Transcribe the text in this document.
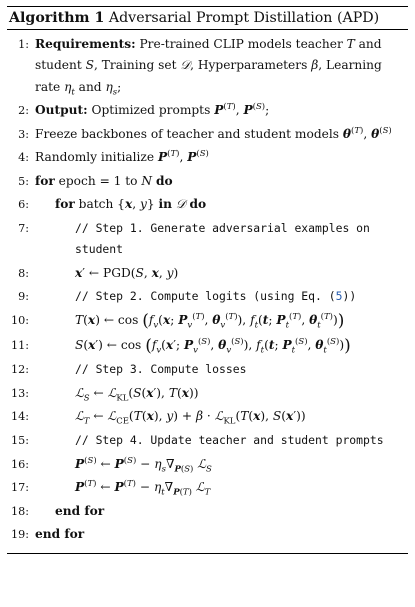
Algorithm 1 Adversarial Prompt Distillation (APD)
1: Requirements: Pre-trained CLIP models teacher T and student S, Training set 𝒟, Hyperparameters β, Learning rate $\eta_t$ and $\eta_s$;
2: Output: Optimized prompts $P^{(T)}$, $P^{(S)}$;
3: Freeze backbones of teacher and student models $\theta^{(T)}$, $\theta^{(S)}$
4: Randomly initialize $P^{(T)}$, $P^{(S)}$
5: for epoch = 1 to N do
6:	for batch {x, y} in 𝒟 do
7:	// Step 1. Generate adversarial examples on student
8:	x′ ← PGD(S, x, y)
9:	// Step 2. Compute logits (using Eq. (5))
10:	T(x) ← $\cos (f_v(x$; $P_v^{(T)}$, $\theta_v^{(T)}$), $f_t(t$; $P_t^{(T)}$, $\theta_t^{(T)}$))
11:	S(x′) ← $\cos (f_v(x'$; $P_v^{(S)}$, $\theta_v^{(S)}$), $f_t(t$; $P_t^{(S)}$, $\theta_t^{(S)}$))
12:	// Step 3. Compute losses
13:	ℒ$_S$ ← ℒ$_{KL}$(S(x′), T(x))
14:	ℒ$_T$ ← ℒ$_{CE}$(T(x), y) + β · ℒ$_{KL}$(T(x), S(x′))
15:	// Step 4. Update teacher and student prompts
16:	$P^{(S)}$ ← $P^{(S)} - \eta_s\nabla_{P(S)}$ ℒ$_S$
17:	$P^{(T)}$ ← $P^{(T)} - \eta_t\nabla_{P(T)}$ ℒ$_T$
18:	end for
19: end for
